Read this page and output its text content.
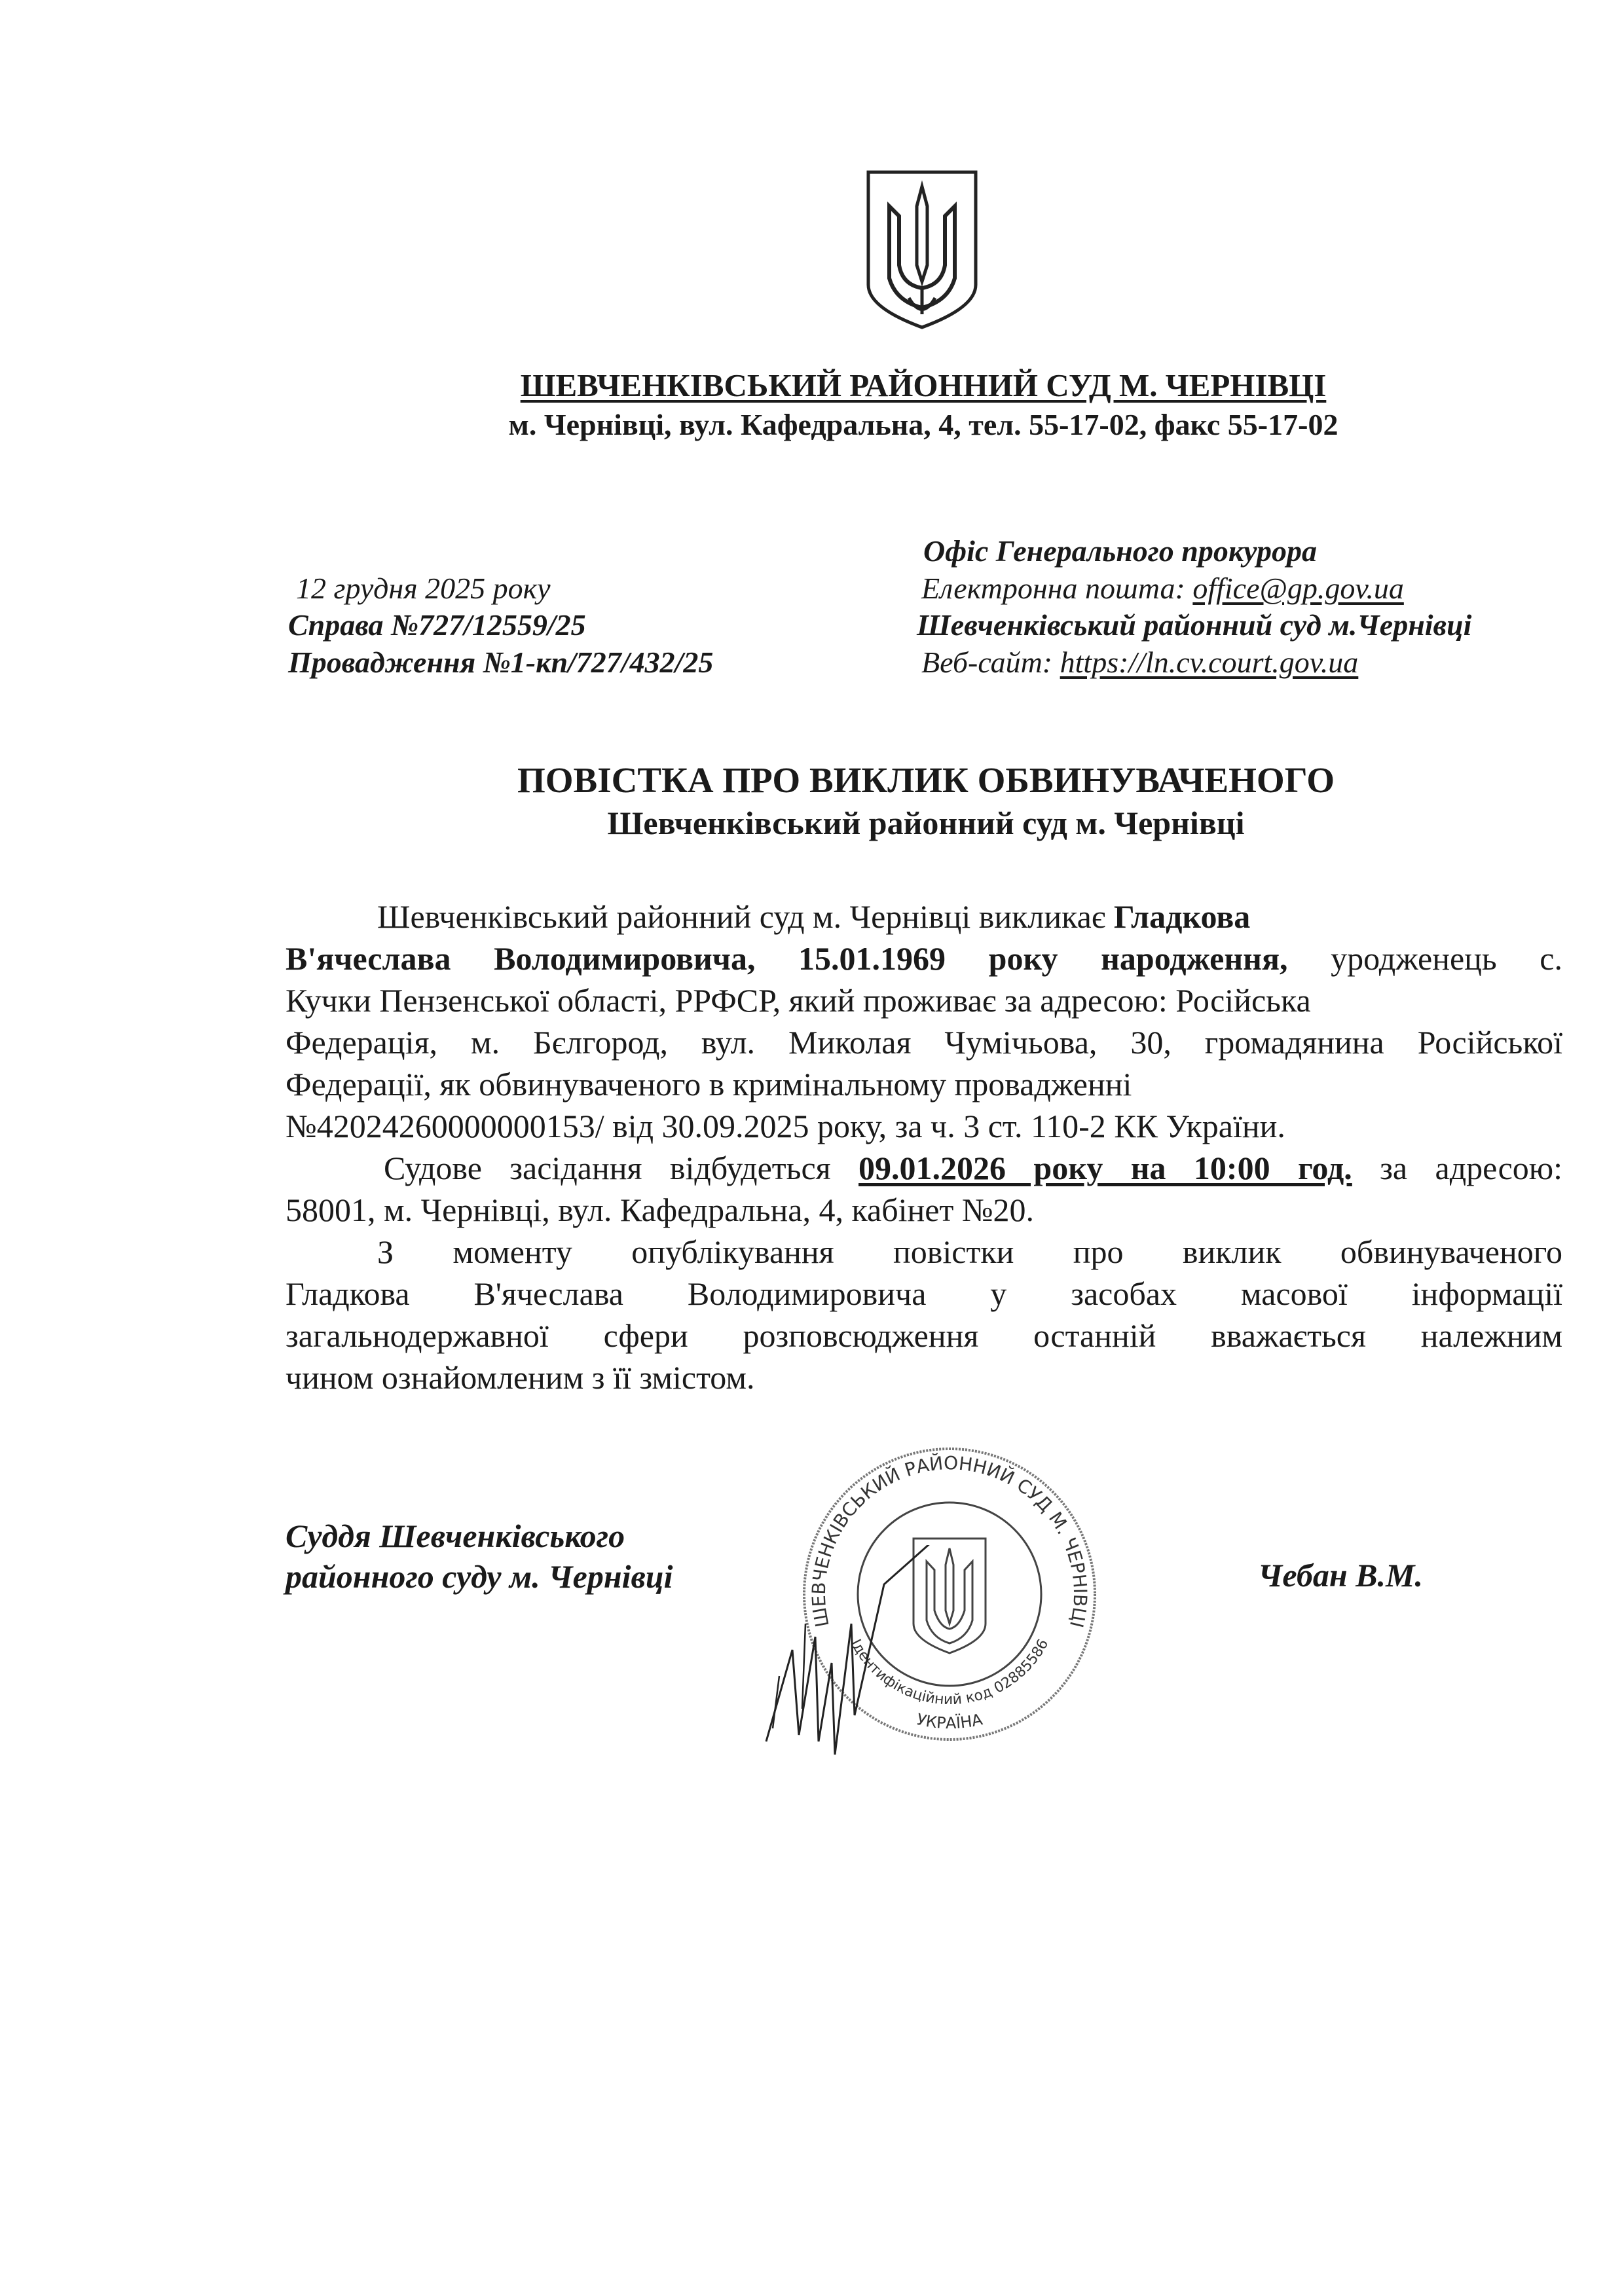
ШЕВЧЕНКІВСЬКИЙ РАЙОННИЙ СУД М. ЧЕРНІВЦІ
м. Чернівці, вул. Кафедральна, 4, тел. 55-17-02, факс 55-17-02
12 грудня 2025 року
Справа №727/12559/25
Провадження №1-кп/727/432/25
Офіс Генерального прокурора
Електронна пошта: office@gp.gov.ua
Шевченківський районний суд м.Чернівці
Веб-сайт: https://ln.cv.court.gov.ua
ПОВІСТКА ПРО ВИКЛИК ОБВИНУВАЧЕНОГО
Шевченківський районний суд м. Чернівці
Шевченківський районний суд м. Чернівці викликає Гладкова
В'ячеслава Володимировича, 15.01.1969 року народження, уродженець с.
Кучки Пензенської області, РРФСР, який проживає за адресою: Російська
Федерація, м. Бєлгород, вул. Миколая Чумічьова, 30, громадянина Російської
Федерації, як обвинуваченого в кримінальному провадженні
№42024260000000153/ від 30.09.2025 року, за ч. 3 ст. 110-2 КК України.
Судове засідання відбудеться 09.01.2026 року на 10:00 год. за адресою:
58001, м. Чернівці, вул. Кафедральна, 4, кабінет №20.
З моменту опублікування повістки про виклик обвинуваченого
Гладкова В'ячеслава Володимировича у засобах масової інформації
загальнодержавної сфери розповсюдження останній вважається належним
чином ознайомленим з її змістом.
Суддя Шевченківського районного суду м. Чернівці	Чебан В.М.
ШЕВЧЕНКІВСЬКИЙ РАЙОННИЙ СУД М. ЧЕРНІВЦІ
Ідентифікаційний код 02885586
УКРАЇНА
